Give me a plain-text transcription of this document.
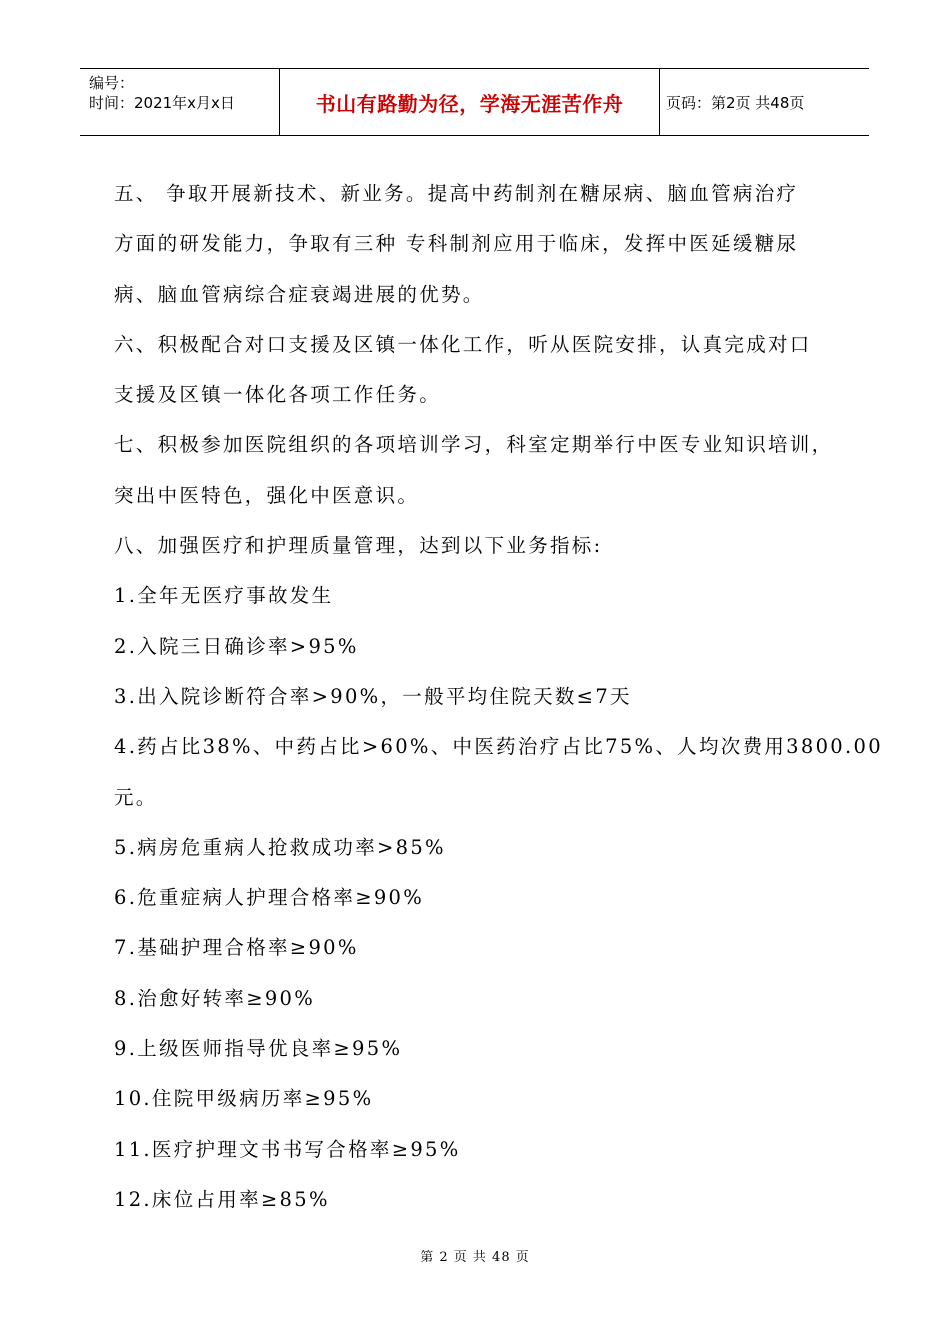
编号：
时间：2021年x月x日	书山有路勤为径，学海无涯苦作舟	页码：第2页 共48页
五、 争取开展新技术、新业务。提高中药制剂在糖尿病、脑血管病治疗
方面的研发能力，争取有三种 专科制剂应用于临床，发挥中医延缓糖尿
病、脑血管病综合症衰竭进展的优势。
六、积极配合对口支援及区镇一体化工作，听从医院安排，认真完成对口
支援及区镇一体化各项工作任务。
七、积极参加医院组织的各项培训学习，科室定期举行中医专业知识培训，
突出中医特色，强化中医意识。
八、加强医疗和护理质量管理，达到以下业务指标:
1.全年无医疗事故发生
2.入院三日确诊率>95%
3.出入院诊断符合率>90%，一般平均住院天数≤7天
4.药占比38%、中药占比>60%、中医药治疗占比75%、人均次费用3800.00
元。
5.病房危重病人抢救成功率>85%
6.危重症病人护理合格率≥90%
7.基础护理合格率≥90%
8.治愈好转率≥90%
9.上级医师指导优良率≥95%
10.住院甲级病历率≥95%
11.医疗护理文书书写合格率≥95%
12.床位占用率≥85%
第 2 页 共 48 页
